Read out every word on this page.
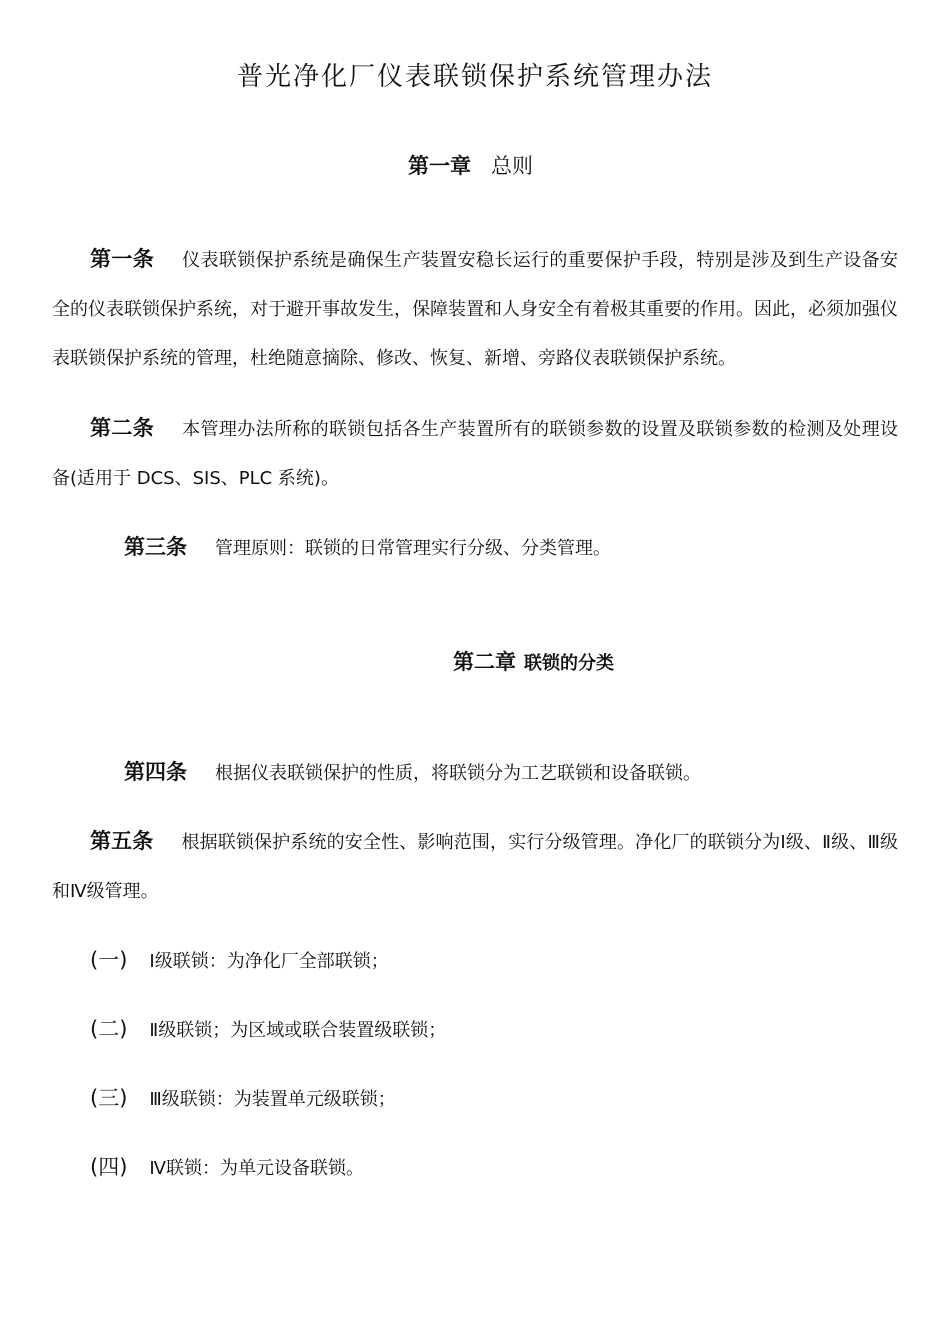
普光净化厂仪表联锁保护系统管理办法
第一章 总则

第一条 仪表联锁保护系统是确保生产装置安稳长运行的重要保护手段，特别是涉及到生产设备安全的仪表联锁保护系统，对于避开事故发生，保障装置和人身安全有着极其重要的作用。因此，必须加强仪表联锁保护系统的管理，杜绝随意摘除、修改、恢复、新增、旁路仪表联锁保护系统。

第二条 本管理办法所称的联锁包括各生产装置所有的联锁参数的设置及联锁参数的检测及处理设备(适用于 DCS、SIS、PLC 系统)。

第三条 管理原则：联锁的日常管理实行分级、分类管理。

第二章 联锁的分类

第四条 根据仪表联锁保护的性质，将联锁分为工艺联锁和设备联锁。

第五条 根据联锁保护系统的安全性、影响范围，实行分级管理。净化厂的联锁分为Ⅰ级、Ⅱ级、Ⅲ级和Ⅳ级管理。

(一) Ⅰ级联锁：为净化厂全部联锁；
(二) Ⅱ级联锁；为区域或联合装置级联锁；
(三) Ⅲ级联锁：为装置单元级联锁；
(四) Ⅳ联锁：为单元设备联锁。
